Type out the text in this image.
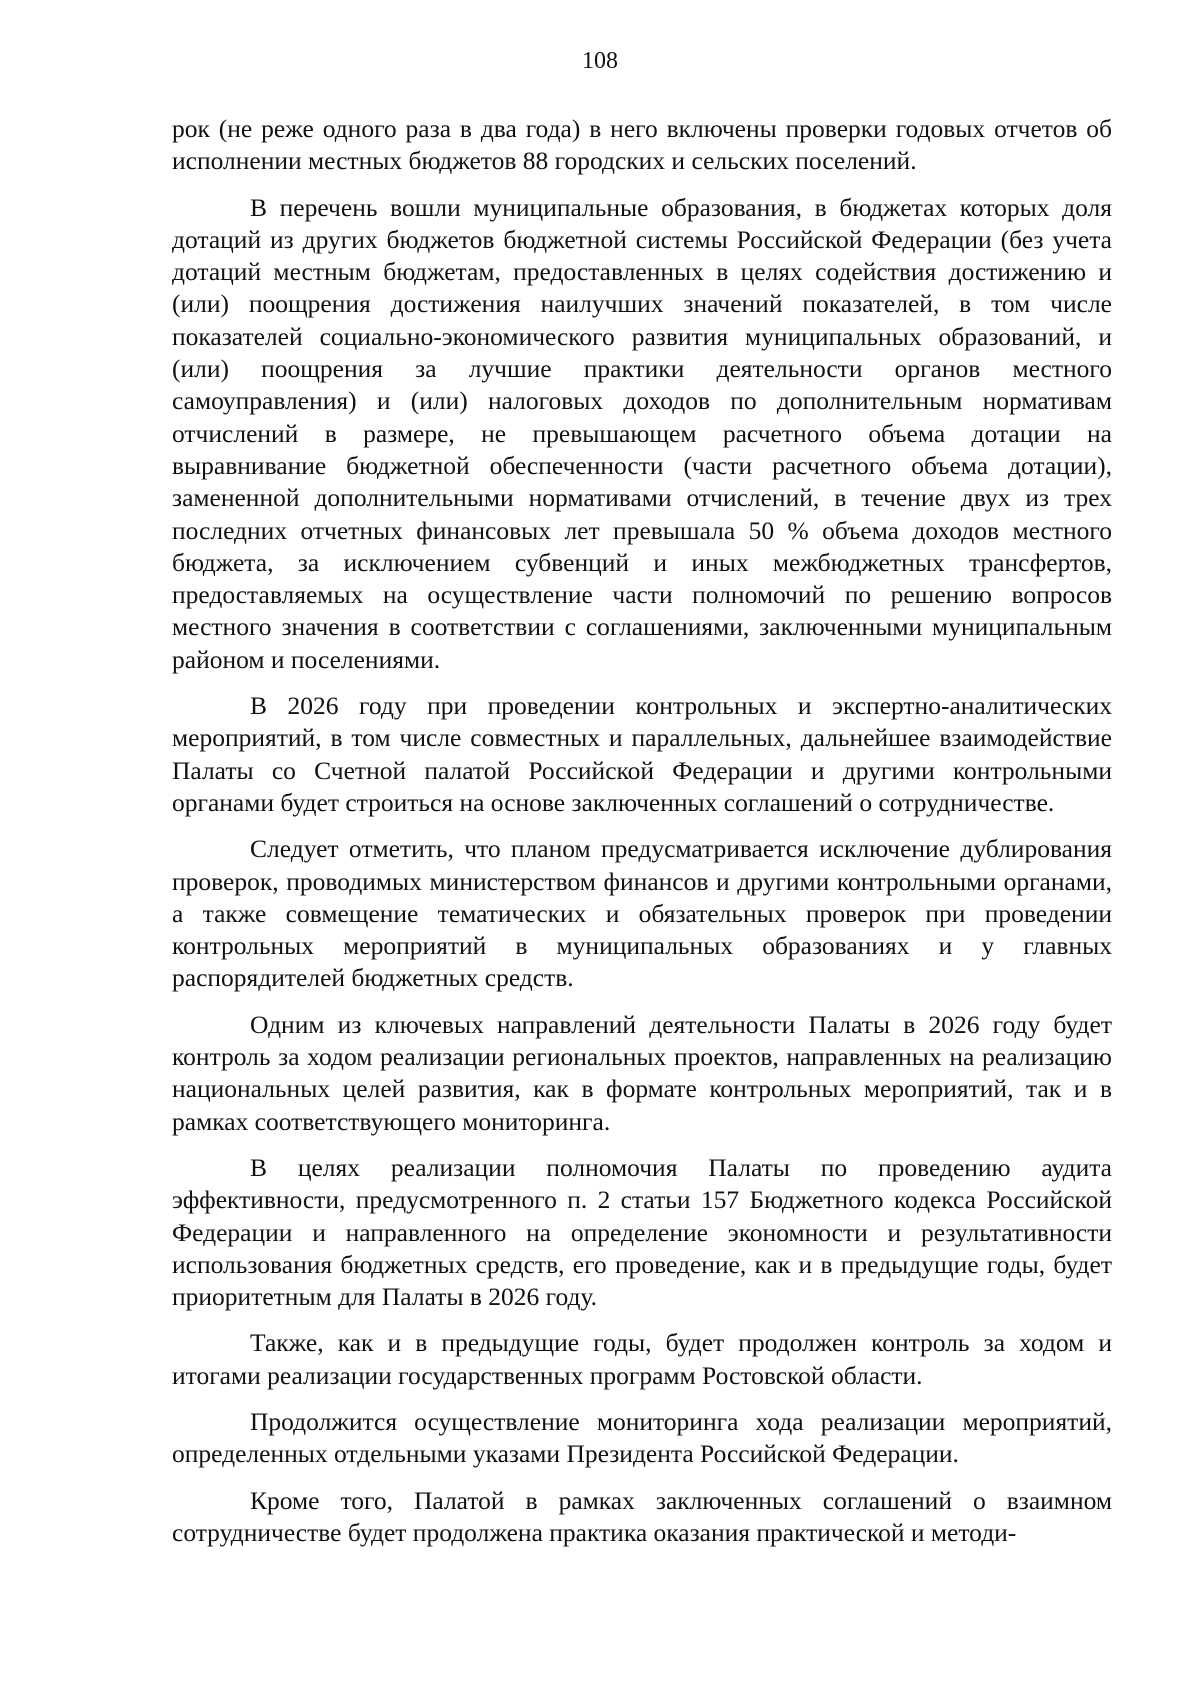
108

рок (не реже одного раза в два года) в него включены проверки годовых отчетов об исполнении местных бюджетов 88 городских и сельских поселений.

В перечень вошли муниципальные образования, в бюджетах которых доля дотаций из других бюджетов бюджетной системы Российской Федерации (без учета дотаций местным бюджетам, предоставленных в целях содействия достижению и (или) поощрения достижения наилучших значений показателей, в том числе показателей социально-экономического развития муниципальных образований, и (или) поощрения за лучшие практики деятельности органов местного самоуправления) и (или) налоговых доходов по дополнительным нормативам отчислений в размере, не превышающем расчетного объема дотации на выравнивание бюджетной обеспеченности (части расчетного объема дотации), замененной дополнительными нормативами отчислений, в течение двух из трех последних отчетных финансовых лет превышала 50 % объема доходов местного бюджета, за исключением субвенций и иных межбюджетных трансфертов, предоставляемых на осуществление части полномочий по решению вопросов местного значения в соответствии с соглашениями, заключенными муниципальным районом и поселениями.

В 2026 году при проведении контрольных и экспертно-аналитических мероприятий, в том числе совместных и параллельных, дальнейшее взаимодействие Палаты со Счетной палатой Российской Федерации и другими контрольными органами будет строиться на основе заключенных соглашений о сотрудничестве.

Следует отметить, что планом предусматривается исключение дублирования проверок, проводимых министерством финансов и другими контрольными органами, а также совмещение тематических и обязательных проверок при проведении контрольных мероприятий в муниципальных образованиях и у главных распорядителей бюджетных средств.

Одним из ключевых направлений деятельности Палаты в 2026 году будет контроль за ходом реализации региональных проектов, направленных на реализацию национальных целей развития, как в формате контрольных мероприятий, так и в рамках соответствующего мониторинга.

В целях реализации полномочия Палаты по проведению аудита эффективности, предусмотренного п. 2 статьи 157 Бюджетного кодекса Российской Федерации и направленного на определение экономности и результативности использования бюджетных средств, его проведение, как и в предыдущие годы, будет приоритетным для Палаты в 2026 году.

Также, как и в предыдущие годы, будет продолжен контроль за ходом и итогами реализации государственных программ Ростовской области.

Продолжится осуществление мониторинга хода реализации мероприятий, определенных отдельными указами Президента Российской Федерации.

Кроме того, Палатой в рамках заключенных соглашений о взаимном сотрудничестве будет продолжена практика оказания практической и методи-
